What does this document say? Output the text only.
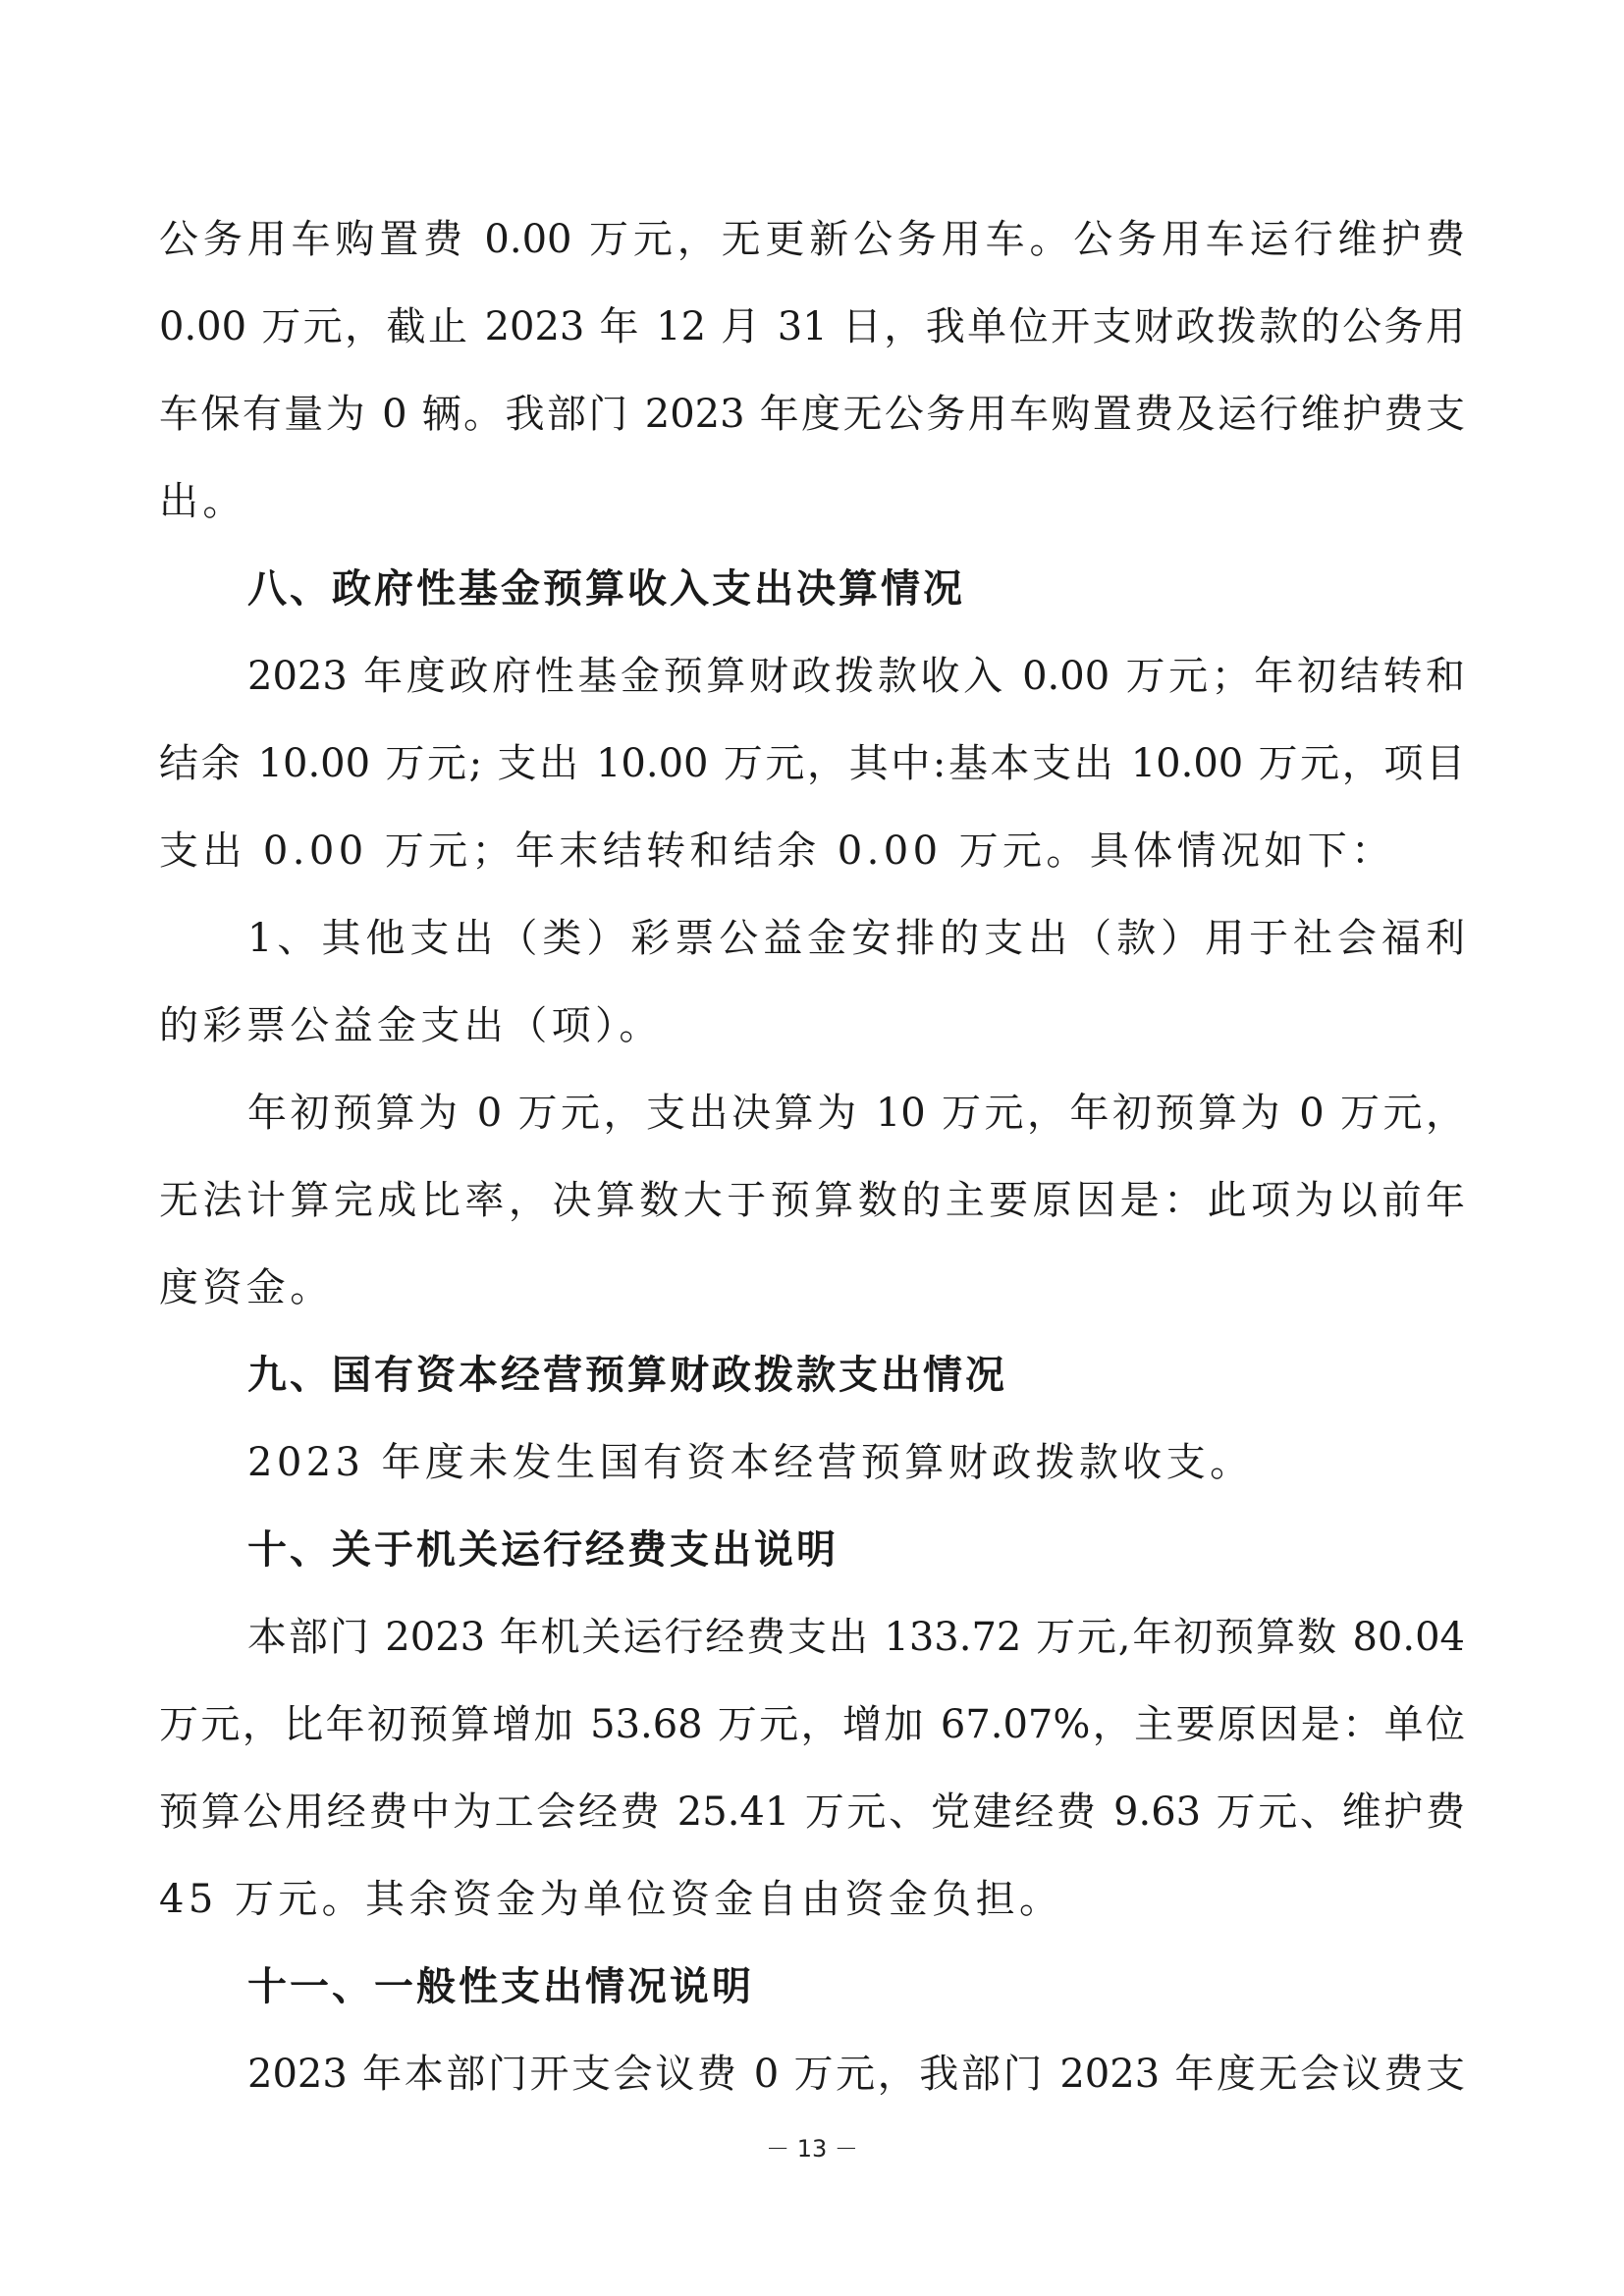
公务用车购置费 0.00 万元，无更新公务用车。公务用车运行维护费
0.00 万元，截止 2023 年 12 月 31 日，我单位开支财政拨款的公务用
车保有量为 0 辆。我部门 2023 年度无公务用车购置费及运行维护费支
出。
八、政府性基金预算收入支出决算情况
2023 年度政府性基金预算财政拨款收入 0.00 万元；年初结转和
结余 10.00 万元; 支出 10.00 万元，其中:基本支出 10.00 万元，项目
支出 0.00 万元；年末结转和结余 0.00 万元。具体情况如下：
1、其他支出（类）彩票公益金安排的支出（款）用于社会福利
的彩票公益金支出（项）。
年初预算为 0 万元，支出决算为 10 万元，年初预算为 0 万元，
无法计算完成比率，决算数大于预算数的主要原因是：此项为以前年
度资金。
九、国有资本经营预算财政拨款支出情况
2023 年度未发生国有资本经营预算财政拨款收支。
十、关于机关运行经费支出说明
本部门 2023 年机关运行经费支出 133.72 万元,年初预算数 80.04
万元，比年初预算增加 53.68 万元，增加 67.07%，主要原因是：单位
预算公用经费中为工会经费 25.41 万元、党建经费 9.63 万元、维护费
45 万元。其余资金为单位资金自由资金负担。
十一、一般性支出情况说明
2023 年本部门开支会议费 0 万元，我部门 2023 年度无会议费支
－ 13 －
